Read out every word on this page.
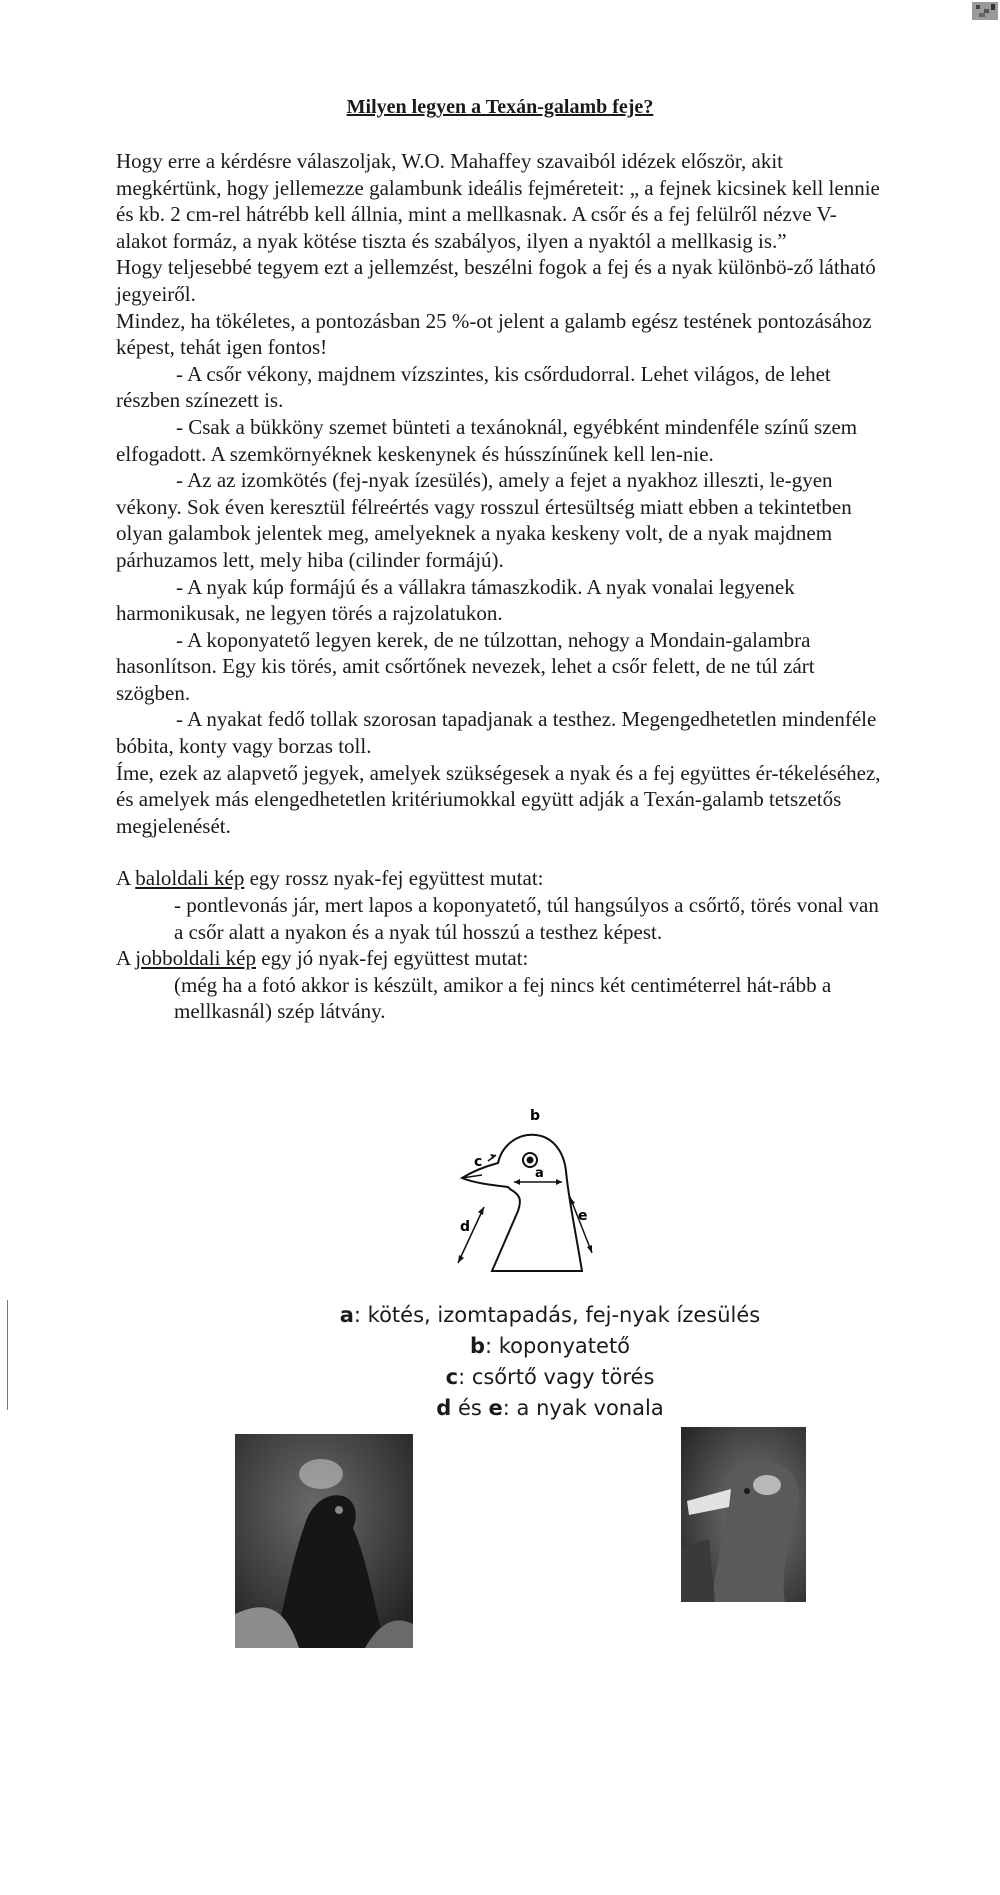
Milyen legyen a Texán-galamb feje?

Hogy erre a kérdésre válaszoljak, W.O. Mahaffey szavaiból idézek először, akit megkértünk, hogy jellemezze galambunk ideális fejméreteit: „ a fejnek kicsinek kell lennie és kb. 2 cm-rel hátrébb kell állnia, mint a mellkasnak. A csőr és a fej felülről nézve V-alakot formáz, a nyak kötése tiszta és szabályos, ilyen a nyaktól a mellkasig is.”

Hogy teljesebbé tegyem ezt a jellemzést, beszélni fogok a fej és a nyak különbö-ző látható jegyeiről.

Mindez, ha tökéletes, a pontozásban 25 %-ot jelent a galamb egész testének pontozásához képest, tehát igen fontos!

- A csőr vékony, majdnem vízszintes, kis csőrdudorral. Lehet világos, de lehet részben színezett is.

- Csak a bükköny szemet bünteti a texánoknál, egyébként mindenféle színű szem elfogadott. A szemkörnyéknek keskenynek és hússzínűnek kell len-nie.

- Az az izomkötés (fej-nyak ízesülés), amely a fejet a nyakhoz illeszti, le-gyen vékony. Sok éven keresztül félreértés vagy rosszul értesültség miatt ebben a tekintetben olyan galambok jelentek meg, amelyeknek a nyaka keskeny volt, de a nyak majdnem párhuzamos lett, mely hiba (cilinder formájú).

- A nyak kúp formájú és a vállakra támaszkodik. A nyak vonalai legyenek harmonikusak, ne legyen törés a rajzolatukon.

- A koponyatető legyen kerek, de ne túlzottan, nehogy a Mondain-galambra hasonlítson. Egy kis törés, amit csőrtőnek nevezek, lehet a csőr felett, de ne túl zárt szögben.

- A nyakat fedő tollak szorosan tapadjanak a testhez. Megengedhetetlen mindenféle bóbita, konty vagy borzas toll.

Íme, ezek az alapvető jegyek, amelyek szükségesek a nyak és a fej együttes ér-tékeléséhez, és amelyek más elengedhetetlen kritériumokkal együtt adják a Texán-galamb tetszetős megjelenését.

A baloldali kép egy rossz nyak-fej együttest mutat:

- pontlevonás jár, mert lapos a koponyatető, túl hangsúlyos a csőrtő, törés vonal van a csőr alatt a nyakon és a nyak túl hosszú a testhez képest.

A jobboldali kép egy jó nyak-fej együttest mutat:

(még ha a fotó akkor is készült, amikor a fej nincs két centiméterrel hát-rább a mellkasnál) szép látvány.

b
c
a
d
e
a: kötés, izomtapadás, fej-nyak ízesülés
b: koponyatető
c: csőrtő vagy törés
d és e: a nyak vonala
